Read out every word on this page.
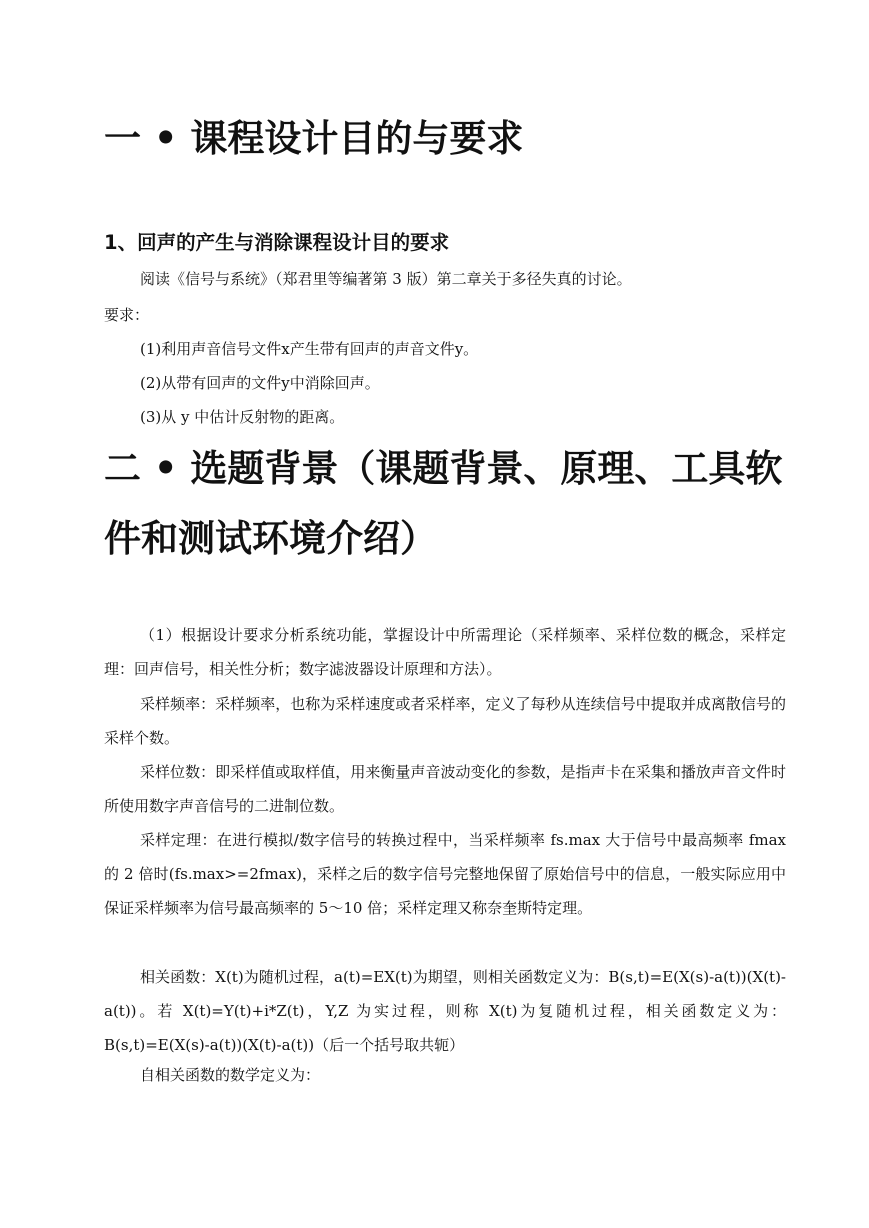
一 • 课程设计目的与要求
1、回声的产生与消除课程设计目的要求

阅读《信号与系统》（郑君里等编著第 3 版）第二章关于多径失真的讨论。

要求：

(1)利用声音信号文件x产生带有回声的声音文件y。

(2)从带有回声的文件y中消除回声。

(3)从 y 中估计反射物的距离。

二 • 选题背景（课题背景、原理、工具软
件和测试环境介绍）

（1）根据设计要求分析系统功能，掌握设计中所需理论（采样频率、采样位数的概念，采样定理：回声信号，相关性分析；数字滤波器设计原理和方法）。

采样频率：采样频率，也称为采样速度或者采样率，定义了每秒从连续信号中提取并成离散信号的采样个数。

采样位数：即采样值或取样值，用来衡量声音波动变化的参数，是指声卡在采集和播放声音文件时所使用数字声音信号的二进制位数。

采样定理：在进行模拟/数字信号的转换过程中，当采样频率 fs.max 大于信号中最高频率 fmax 的 2 倍时(fs.max>=2fmax)，采样之后的数字信号完整地保留了原始信号中的信息，一般实际应用中保证采样频率为信号最高频率的 5～10 倍；采样定理又称奈奎斯特定理。

相关函数：X(t)为随机过程，a(t)=EX(t)为期望，则相关函数定义为：B(s,t)=E(X(s)-a(t))(X(t)-a(t))。若 X(t)=Y(t)+i*Z(t)，Y,Z 为实过程，则称 X(t)为复随机过程，相关函数定义为：B(s,t)=E(X(s)-a(t))(X(t)-a(t))（后一个括号取共轭）

自相关函数的数学定义为：
